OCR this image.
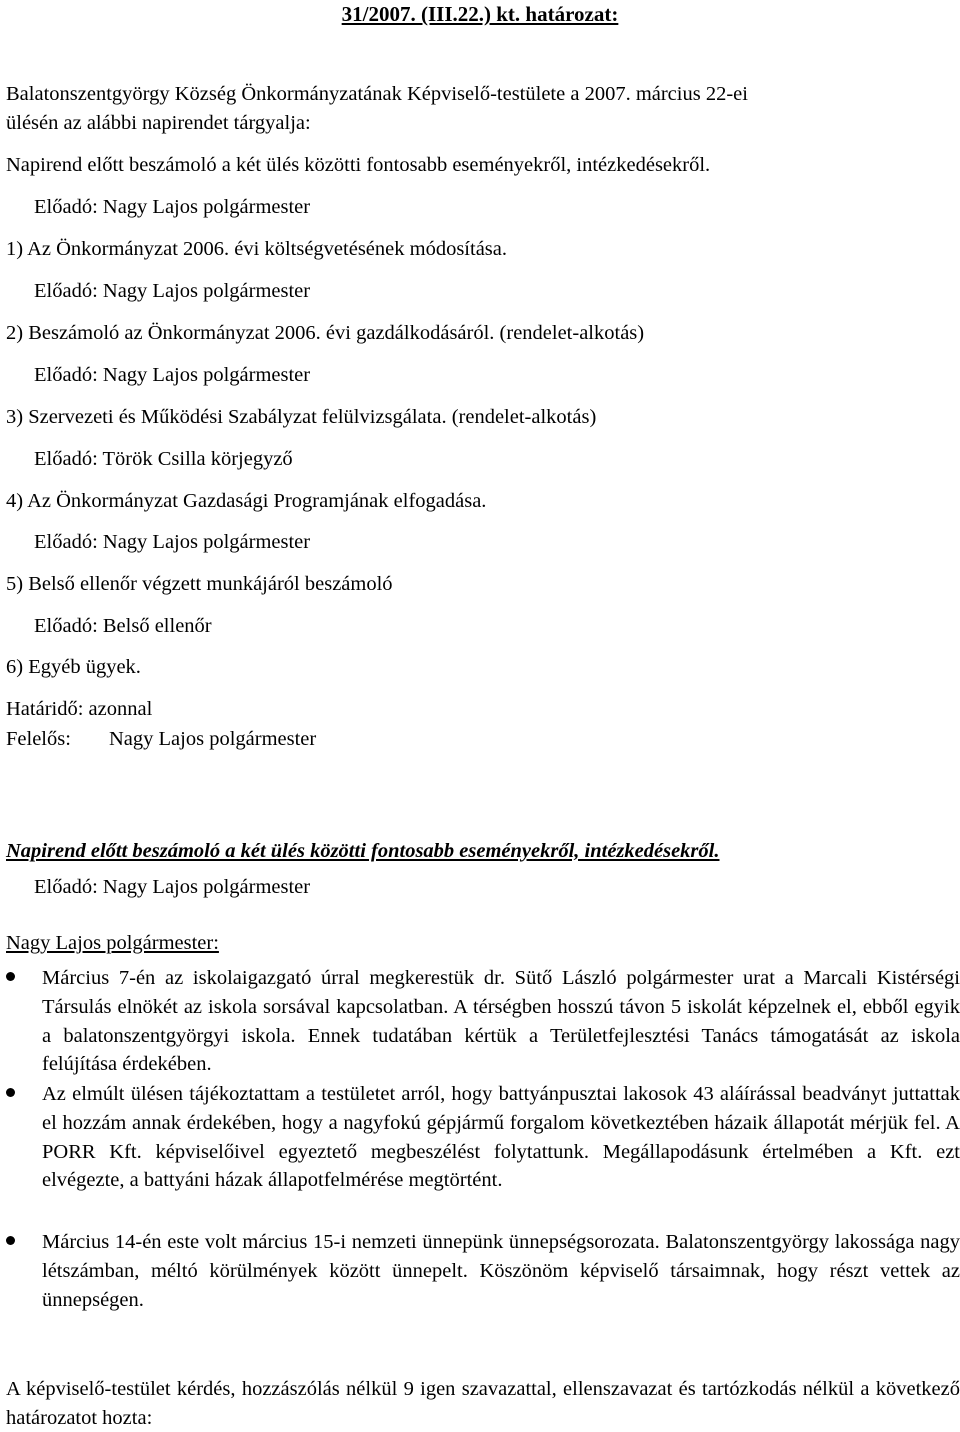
31/2007. (III.22.) kt. határozat:
Balatonszentgyörgy Község Önkormányzatának Képviselő-testülete a 2007. március 22-ei
ülésén az alábbi napirendet tárgyalja:
Napirend előtt beszámoló a két ülés közötti fontosabb eseményekről, intézkedésekről.
Előadó: Nagy Lajos polgármester
1) Az Önkormányzat 2006. évi költségvetésének módosítása.
Előadó: Nagy Lajos polgármester
2) Beszámoló az Önkormányzat 2006. évi gazdálkodásáról. (rendelet-alkotás)
Előadó: Nagy Lajos polgármester
3) Szervezeti és Működési Szabályzat felülvizsgálata. (rendelet-alkotás)
Előadó: Török Csilla körjegyző
4) Az Önkormányzat Gazdasági Programjának elfogadása.
Előadó: Nagy Lajos polgármester
5) Belső ellenőr végzett munkájáról beszámoló
Előadó: Belső ellenőr
6) Egyéb ügyek.
Határidő: azonnal
Felelős: Nagy Lajos polgármester
Napirend előtt beszámoló a két ülés közötti fontosabb eseményekről, intézkedésekről.
Előadó: Nagy Lajos polgármester
Nagy Lajos polgármester:
Március 7-én az iskolaigazgató úrral megkerestük dr. Sütő László polgármester urat a Marcali Kistérségi Társulás elnökét az iskola sorsával kapcsolatban. A térségben hosszú távon 5 iskolát képzelnek el, ebből egyik a balatonszentgyörgyi iskola. Ennek tudatában kértük a Területfejlesztési Tanács támogatását az iskola felújítása érdekében.
Az elmúlt ülésen tájékoztattam a testületet arról, hogy battyánpusztai lakosok 43 aláírással beadványt juttattak el hozzám annak érdekében, hogy a nagyfokú gépjármű forgalom következtében házaik állapotát mérjük fel. A PORR Kft. képviselőivel egyeztető megbeszélést folytattunk. Megállapodásunk értelmében a Kft. ezt elvégezte, a battyáni házak állapotfelmérése megtörtént.
Március 14-én este volt március 15-i nemzeti ünnepünk ünnepségsorozata. Balatonszentgyörgy lakossága nagy létszámban, méltó körülmények között ünnepelt. Köszönöm képviselő társaimnak, hogy részt vettek az ünnepségen.
A képviselő-testület kérdés, hozzászólás nélkül 9 igen szavazattal, ellenszavazat és tartózkodás nélkül a következő határozatot hozta:
